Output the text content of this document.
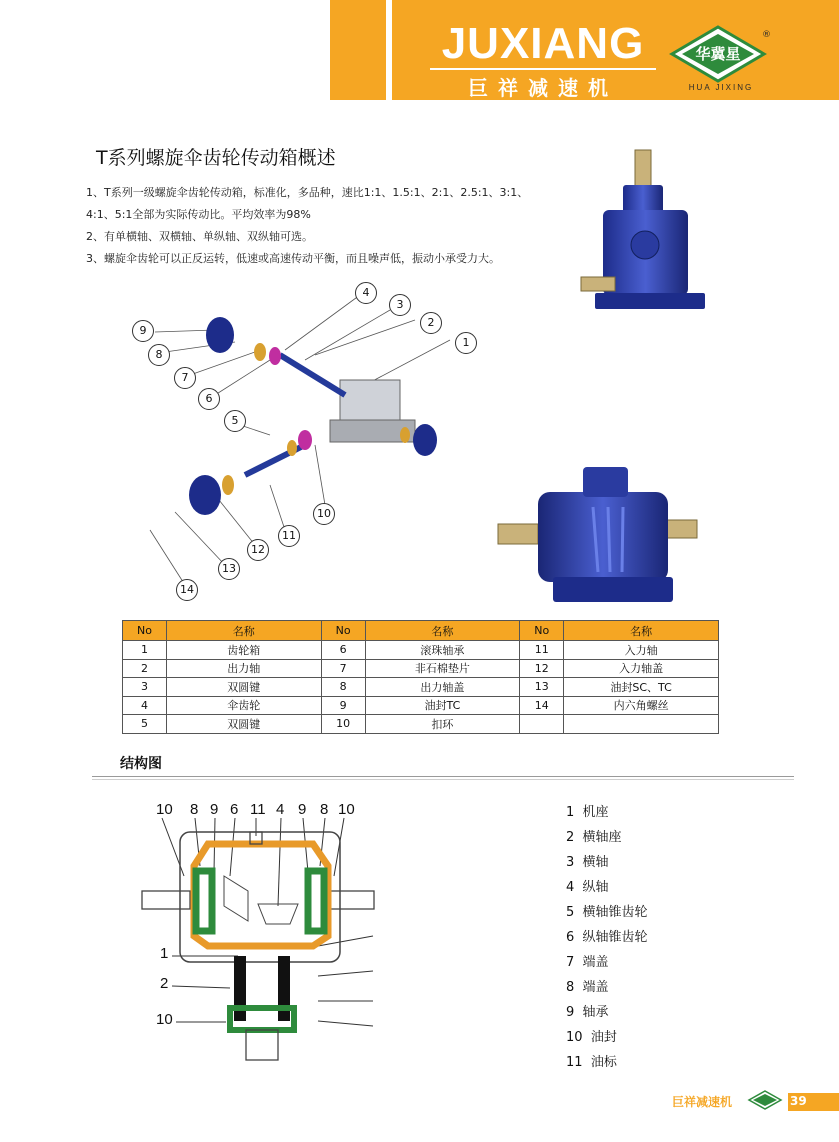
JUXIANG
巨祥减速机
华冀星
®
HUA JIXING
T系列螺旋伞齿轮传动箱概述
1、T系列一级螺旋伞齿轮传动箱，标准化，多品种，速比1:1、1.5:1、2:1、2.5:1、3:1、
4:1、5:1全部为实际传动比。平均效率为98%
2、有单横轴、双横轴、单纵轴、双纵轴可选。
3、螺旋伞齿轮可以正反运转，低速或高速传动平衡，而且噪声低，振动小承受力大。
1
2
3
4
5
6
7
8
9
10
11
12
13
14
No	名称	No	名称	No	名称
1	齿轮箱	6	滚珠轴承	11	入力轴
2	出力轴	7	非石棉垫片	12	入力轴盖
3	双圆键	8	出力轴盖	13	油封SC、TC
4	伞齿轮	9	油封TC	14	内六角螺丝
5	双圆键	10	扣环		
结构图
10 8 9 6 11 4 9 8 10
1
2
10
1 机座
2 横轴座
3 横轴
4 纵轴
5 横轴锥齿轮
6 纵轴锥齿轮
7 端盖
8 端盖
9 轴承
10 油封
11 油标
巨祥减速机	39
